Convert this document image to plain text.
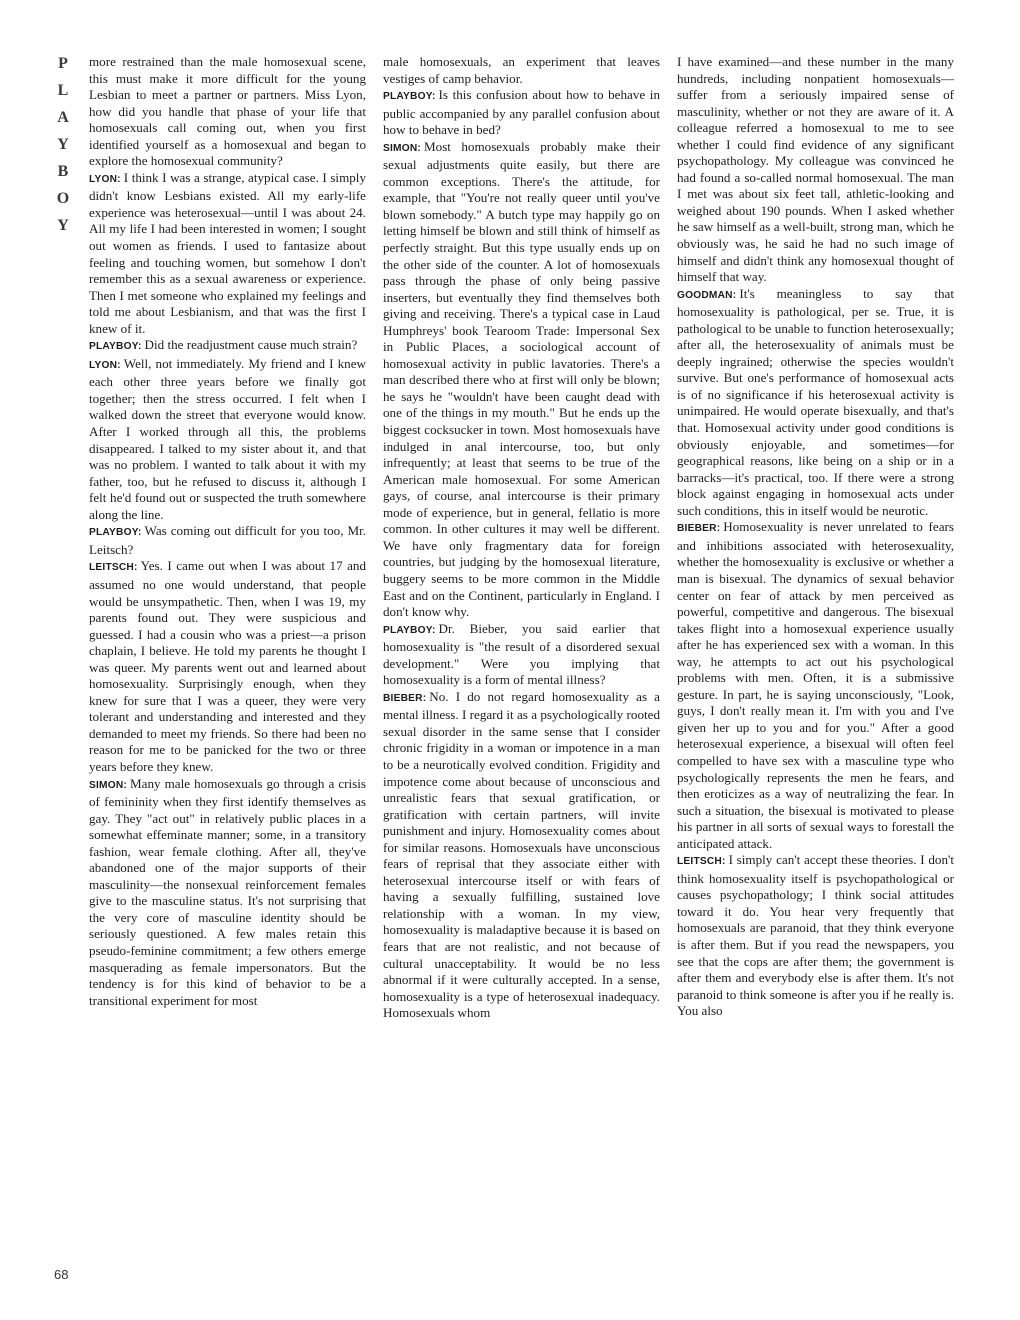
P
L
A
Y
B
O
Y
68

more restrained than the male homosexual scene, this must make it more difficult for the young Lesbian to meet a partner or partners. Miss Lyon, how did you handle that phase of your life that homosexuals call coming out, when you first identified yourself as a homosexual and began to explore the homosexual community?

LYON: I think I was a strange, atypical case. I simply didn't know Lesbians existed. All my early-life experience was heterosexual—until I was about 24. All my life I had been interested in women; I sought out women as friends. I used to fantasize about feeling and touching women, but somehow I don't remember this as a sexual awareness or experience. Then I met someone who explained my feelings and told me about Lesbianism, and that was the first I knew of it.

PLAYBOY: Did the readjustment cause much strain?

LYON: Well, not immediately. My friend and I knew each other three years before we finally got together; then the stress occurred. I felt when I walked down the street that everyone would know. After I worked through all this, the problems disappeared. I talked to my sister about it, and that was no problem. I wanted to talk about it with my father, too, but he refused to discuss it, although I felt he'd found out or suspected the truth somewhere along the line.

PLAYBOY: Was coming out difficult for you too, Mr. Leitsch?

LEITSCH: Yes. I came out when I was about 17 and assumed no one would understand, that people would be unsympathetic. Then, when I was 19, my parents found out. They were suspicious and guessed. I had a cousin who was a priest—a prison chaplain, I believe. He told my parents he thought I was queer. My parents went out and learned about homosexuality. Surprisingly enough, when they knew for sure that I was a queer, they were very tolerant and understanding and interested and they demanded to meet my friends. So there had been no reason for me to be panicked for the two or three years before they knew.

SIMON: Many male homosexuals go through a crisis of femininity when they first identify themselves as gay. They "act out" in relatively public places in a somewhat effeminate manner; some, in a transitory fashion, wear female clothing. After all, they've abandoned one of the major supports of their masculinity—the nonsexual reinforcement females give to the masculine status. It's not surprising that the very core of masculine identity should be seriously questioned. A few males retain this pseudo-feminine commitment; a few others emerge masquerading as female impersonators. But the tendency is for this kind of behavior to be a transitional experiment for most

male homosexuals, an experiment that leaves vestiges of camp behavior.

PLAYBOY: Is this confusion about how to behave in public accompanied by any parallel confusion about how to behave in bed?

SIMON: Most homosexuals probably make their sexual adjustments quite easily, but there are common exceptions. There's the attitude, for example, that "You're not really queer until you've blown somebody." A butch type may happily go on letting himself be blown and still think of himself as perfectly straight. But this type usually ends up on the other side of the counter. A lot of homosexuals pass through the phase of only being passive inserters, but eventually they find themselves both giving and receiving. There's a typical case in Laud Humphreys' book Tearoom Trade: Impersonal Sex in Public Places, a sociological account of homosexual activity in public lavatories. There's a man described there who at first will only be blown; he says he "wouldn't have been caught dead with one of the things in my mouth." But he ends up the biggest cocksucker in town. Most homosexuals have indulged in anal intercourse, too, but only infrequently; at least that seems to be true of the American male homosexual. For some American gays, of course, anal intercourse is their primary mode of experience, but in general, fellatio is more common. In other cultures it may well be different. We have only fragmentary data for foreign countries, but judging by the homosexual literature, buggery seems to be more common in the Middle East and on the Continent, particularly in England. I don't know why.

PLAYBOY: Dr. Bieber, you said earlier that homosexuality is "the result of a disordered sexual development." Were you implying that homosexuality is a form of mental illness?

BIEBER: No. I do not regard homosexuality as a mental illness. I regard it as a psychologically rooted sexual disorder in the same sense that I consider chronic frigidity in a woman or impotence in a man to be a neurotically evolved condition. Frigidity and impotence come about because of unconscious and unrealistic fears that sexual gratification, or gratification with certain partners, will invite punishment and injury. Homosexuality comes about for similar reasons. Homosexuals have unconscious fears of reprisal that they associate either with heterosexual intercourse itself or with fears of having a sexually fulfilling, sustained love relationship with a woman. In my view, homosexuality is maladaptive because it is based on fears that are not realistic, and not because of cultural unacceptability. It would be no less abnormal if it were culturally accepted. In a sense, homosexuality is a type of heterosexual inadequacy. Homosexuals whom

I have examined—and these number in the many hundreds, including nonpatient homosexuals—suffer from a seriously impaired sense of masculinity, whether or not they are aware of it. A colleague referred a homosexual to me to see whether I could find evidence of any significant psychopathology. My colleague was convinced he had found a so-called normal homosexual. The man I met was about six feet tall, athletic-looking and weighed about 190 pounds. When I asked whether he saw himself as a well-built, strong man, which he obviously was, he said he had no such image of himself and didn't think any homosexual thought of himself that way.

GOODMAN: It's meaningless to say that homosexuality is pathological, per se. True, it is pathological to be unable to function heterosexually; after all, the heterosexuality of animals must be deeply ingrained; otherwise the species wouldn't survive. But one's performance of homosexual acts is of no significance if his heterosexual activity is unimpaired. He would operate bisexually, and that's that. Homosexual activity under good conditions is obviously enjoyable, and sometimes—for geographical reasons, like being on a ship or in a barracks—it's practical, too. If there were a strong block against engaging in homosexual acts under such conditions, this in itself would be neurotic.

BIEBER: Homosexuality is never unrelated to fears and inhibitions associated with heterosexuality, whether the homosexuality is exclusive or whether a man is bisexual. The dynamics of sexual behavior center on fear of attack by men perceived as powerful, competitive and dangerous. The bisexual takes flight into a homosexual experience usually after he has experienced sex with a woman. In this way, he attempts to act out his psychological problems with men. Often, it is a submissive gesture. In part, he is saying unconsciously, "Look, guys, I don't really mean it. I'm with you and I've given her up to you and for you." After a good heterosexual experience, a bisexual will often feel compelled to have sex with a masculine type who psychologically represents the men he fears, and then eroticizes as a way of neutralizing the fear. In such a situation, the bisexual is motivated to please his partner in all sorts of sexual ways to forestall the anticipated attack.

LEITSCH: I simply can't accept these theories. I don't think homosexuality itself is psychopathological or causes psychopathology; I think social attitudes toward it do. You hear very frequently that homosexuals are paranoid, that they think everyone is after them. But if you read the newspapers, you see that the cops are after them; the government is after them and everybody else is after them. It's not paranoid to think someone is after you if he really is. You also
